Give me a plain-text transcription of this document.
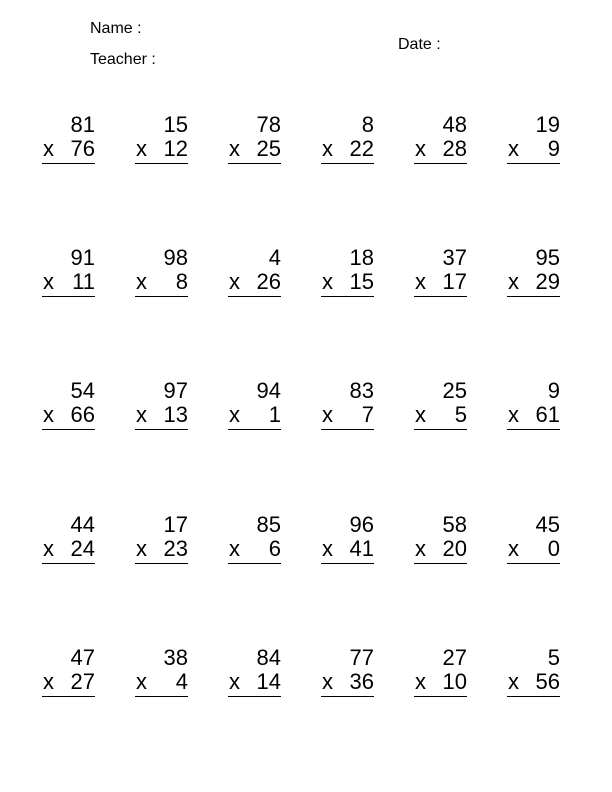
Name :
Teacher :
Date :
81
x 76
15
x 12
78
x 25
8
x 22
48
x 28
19
x 9
91
x 11
98
x 8
4
x 26
18
x 15
37
x 17
95
x 29
54
x 66
97
x 13
94
x 1
83
x 7
25
x 5
9
x 61
44
x 24
17
x 23
85
x 6
96
x 41
58
x 20
45
x 0
47
x 27
38
x 4
84
x 14
77
x 36
27
x 10
5
x 56
